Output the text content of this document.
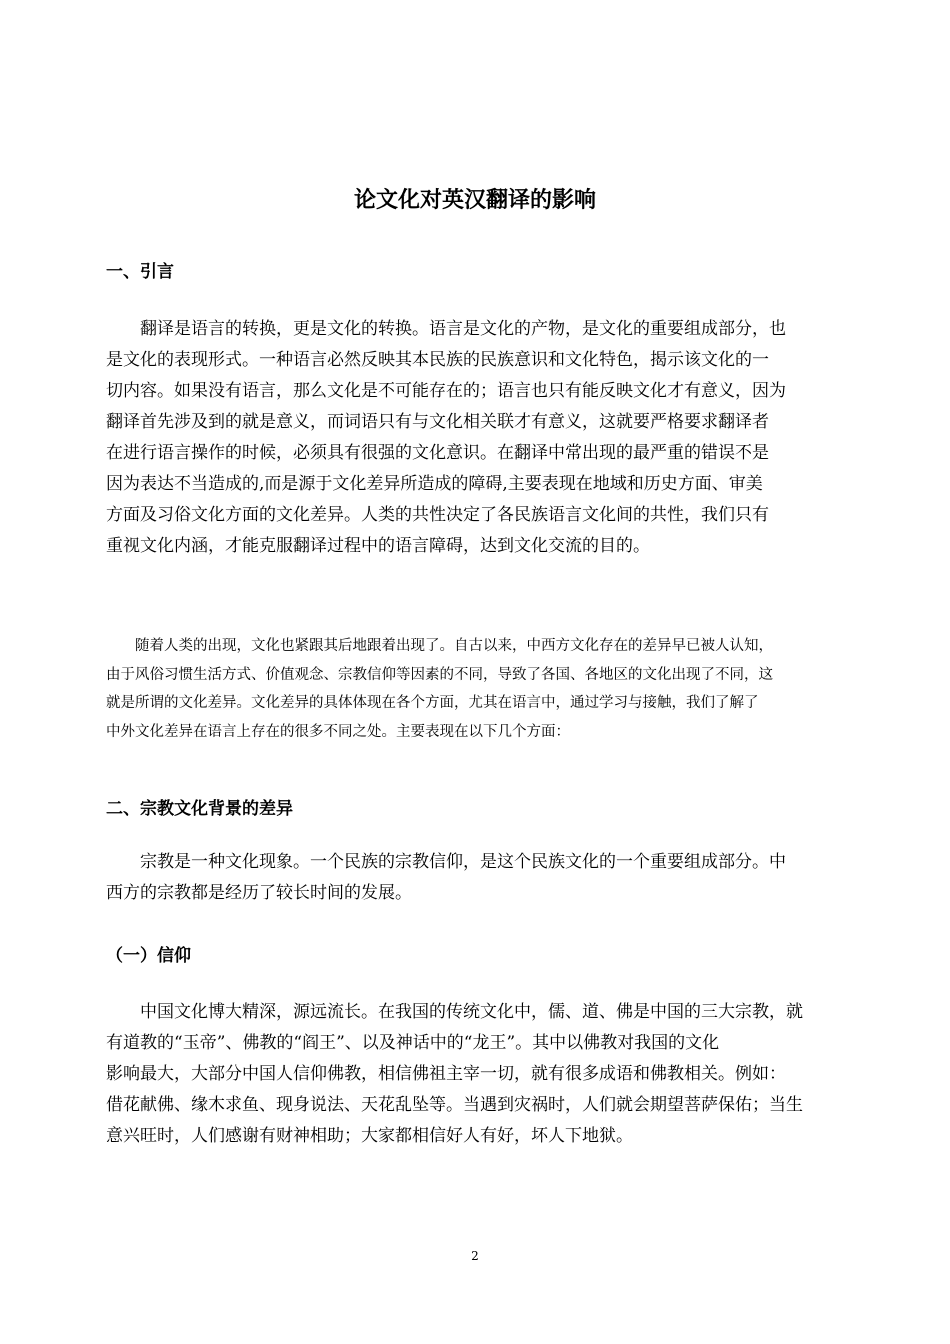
论文化对英汉翻译的影响
一、引言
　　翻译是语言的转换，更是文化的转换。语言是文化的产物，是文化的重要组成部分，也
是文化的表现形式。一种语言必然反映其本民族的民族意识和文化特色，揭示该文化的一
切内容。如果没有语言，那么文化是不可能存在的；语言也只有能反映文化才有意义，因为
翻译首先涉及到的就是意义，而词语只有与文化相关联才有意义，这就要严格要求翻译者
在进行语言操作的时候，必须具有很强的文化意识。在翻译中常出现的最严重的错误不是
因为表达不当造成的,而是源于文化差异所造成的障碍,主要表现在地域和历史方面、审美
方面及习俗文化方面的文化差异。人类的共性决定了各民族语言文化间的共性，我们只有
重视文化内涵，才能克服翻译过程中的语言障碍，达到文化交流的目的。
　　随着人类的出现，文化也紧跟其后地跟着出现了。自古以来，中西方文化存在的差异早已被人认知，
由于风俗习惯生活方式、价值观念、宗教信仰等因素的不同，导致了各国、各地区的文化出现了不同，这
就是所谓的文化差异。文化差异的具体体现在各个方面，尤其在语言中，通过学习与接触，我们了解了
中外文化差异在语言上存在的很多不同之处。主要表现在以下几个方面：
二、宗教文化背景的差异
　　宗教是一种文化现象。一个民族的宗教信仰，是这个民族文化的一个重要组成部分。中
西方的宗教都是经历了较长时间的发展。
（一）信仰
　　中国文化博大精深，源远流长。在我国的传统文化中，儒、道、佛是中国的三大宗教，就
有道教的“玉帝”、佛教的“阎王”、以及神话中的“龙王”。其中以佛教对我国的文化
影响最大，大部分中国人信仰佛教，相信佛祖主宰一切，就有很多成语和佛教相关。例如：
借花献佛、缘木求鱼、现身说法、天花乱坠等。当遇到灾祸时，人们就会期望菩萨保佑；当生
意兴旺时，人们感谢有财神相助；大家都相信好人有好，坏人下地狱。
2
